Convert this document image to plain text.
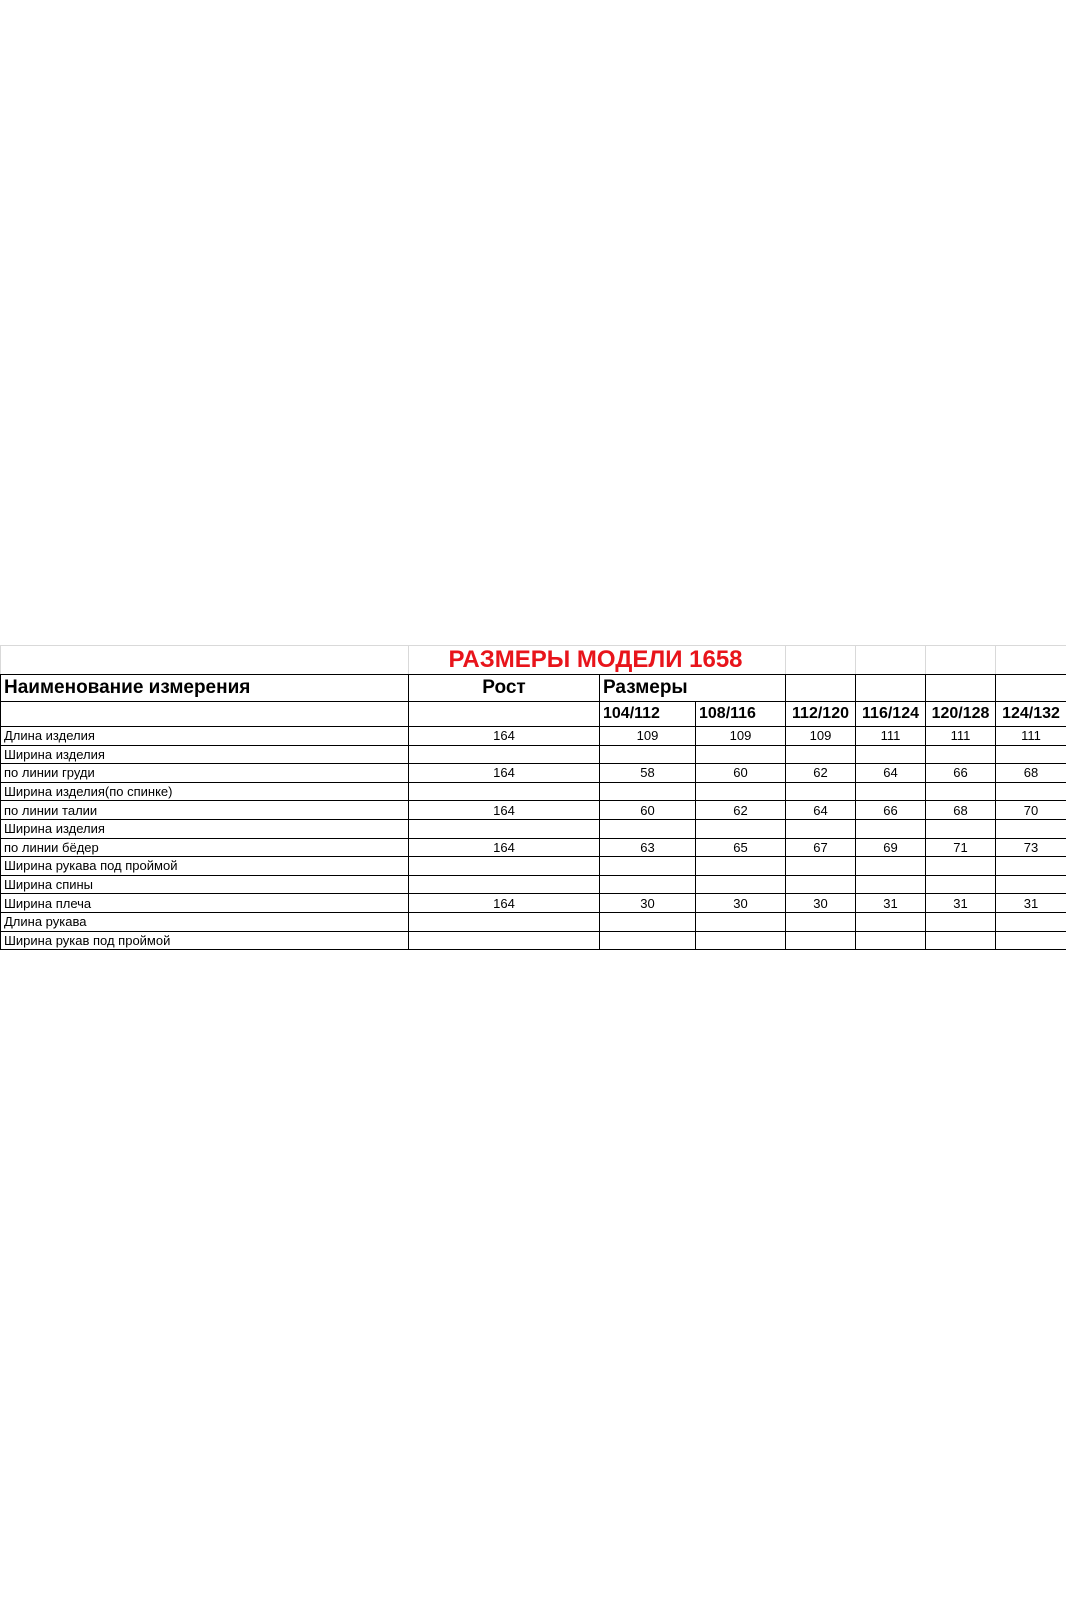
	РАЗМЕРЫ МОДЕЛИ 1658						
Наименование измерения	Рост	Размеры					

		104/112	108/116	112/120	116/124	120/128	124/132
Длина изделия	164	109	109	109	111	111	111
Ширина изделия							
по линии груди	164	58	60	62	64	66	68
Ширина изделия(по спинке)							
по линии талии	164	60	62	64	66	68	70
Ширина изделия							
по линии бёдер	164	63	65	67	69	71	73
Ширина рукава под проймой							
Ширина спины							
Ширина плеча	164	30	30	30	31	31	31
Длина рукава							
Ширина рукав под проймой							
